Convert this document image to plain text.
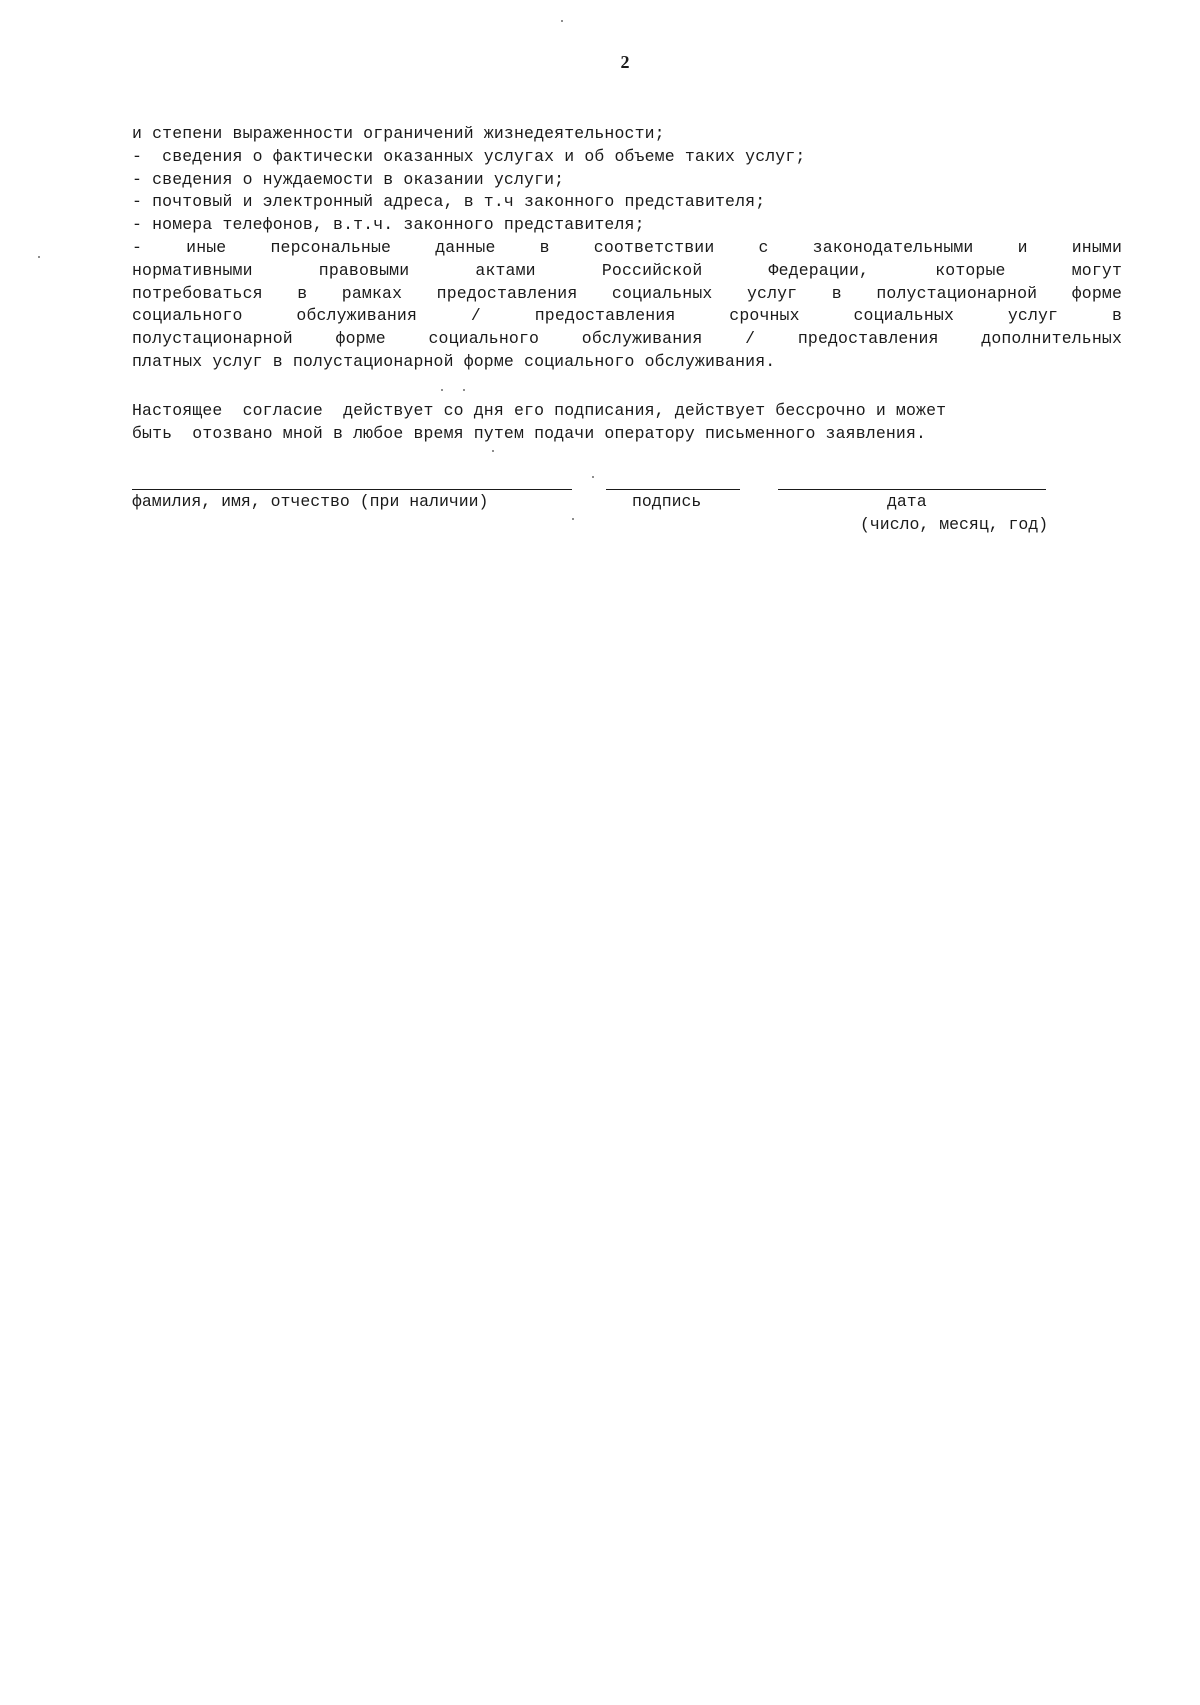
2
и степени выраженности ограничений жизнедеятельности;
-  сведения о фактически оказанных услугах и об объеме таких услуг;
- сведения о нуждаемости в оказании услуги;
- почтовый и электронный адреса, в т.ч законного представителя;
- номера телефонов, в.т.ч. законного представителя;
- иные персональные данные в соответствии с законодательными и иными
нормативными правовыми актами Российской Федерации, которые могут
потребоваться в рамках предоставления социальных услуг в полустационарной форме
социального обслуживания / предоставления срочных социальных услуг в
полустационарной форме социального обслуживания / предоставления дополнительных
платных услуг в полустационарной форме социального обслуживания.
Настоящее  согласие  действует со дня его подписания, действует бессрочно и может
быть  отозвано мной в любое время путем подачи оператору письменного заявления.
фамилия, имя, отчество (при наличии)	подпись	дата
(число, месяц, год)
